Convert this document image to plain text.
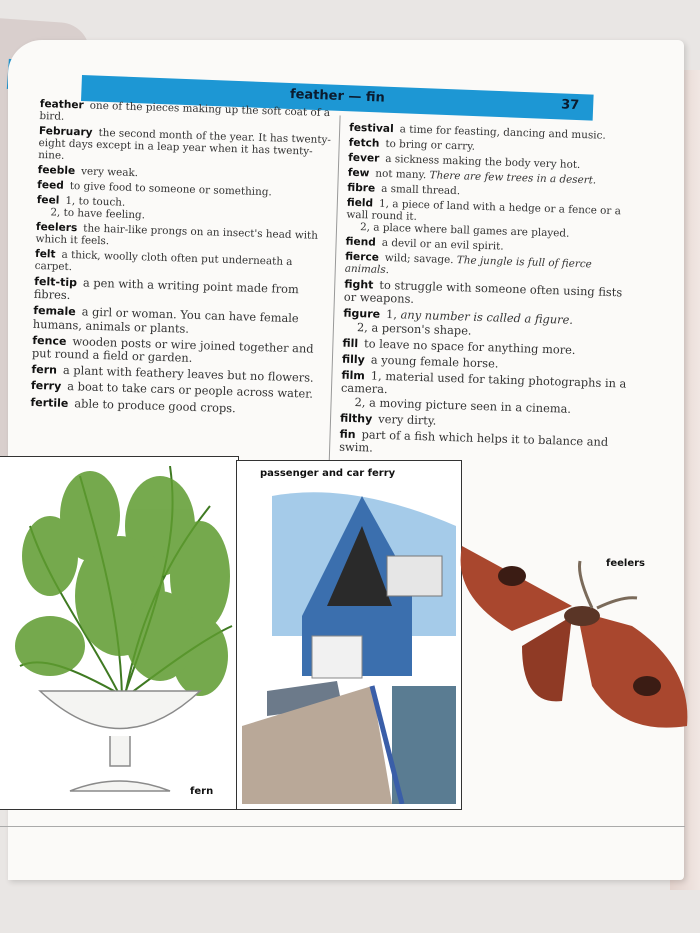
feather — fin	37
feather one of the pieces making up the soft coat of a bird.
February the second month of the year. It has twenty-eight days except in a leap year when it has twenty-nine.
feeble very weak.
feed to give food to someone or something.
feel 1, to touch.
2, to have feeling.
feelers the hair-like prongs on an insect's head with which it feels.
felt a thick, woolly cloth often put underneath a carpet.
felt-tip a pen with a writing point made from fibres.
female a girl or woman. You can have female humans, animals or plants.
fence wooden posts or wire joined together and put round a field or garden.
fern a plant with feathery leaves but no flowers.
ferry a boat to take cars or people across water.
fertile able to produce good crops.
festival a time for feasting, dancing and music.
fetch to bring or carry.
fever a sickness making the body very hot.
few not many. There are few trees in a desert.
fibre a small thread.
field 1, a piece of land with a hedge or a fence or a wall round it.
2, a place where ball games are played.
fiend a devil or an evil spirit.
fierce wild; savage. The jungle is full of fierce animals.
fight to struggle with someone often using fists or weapons.
figure 1, any number is called a figure.
2, a person's shape.
fill to leave no space for anything more.
filly a young female horse.
film 1, material used for taking photographs in a camera.
2, a moving picture seen in a cinema.
filthy very dirty.
fin part of a fish which helps it to balance and swim.
fern
passenger and car ferry
feelers
